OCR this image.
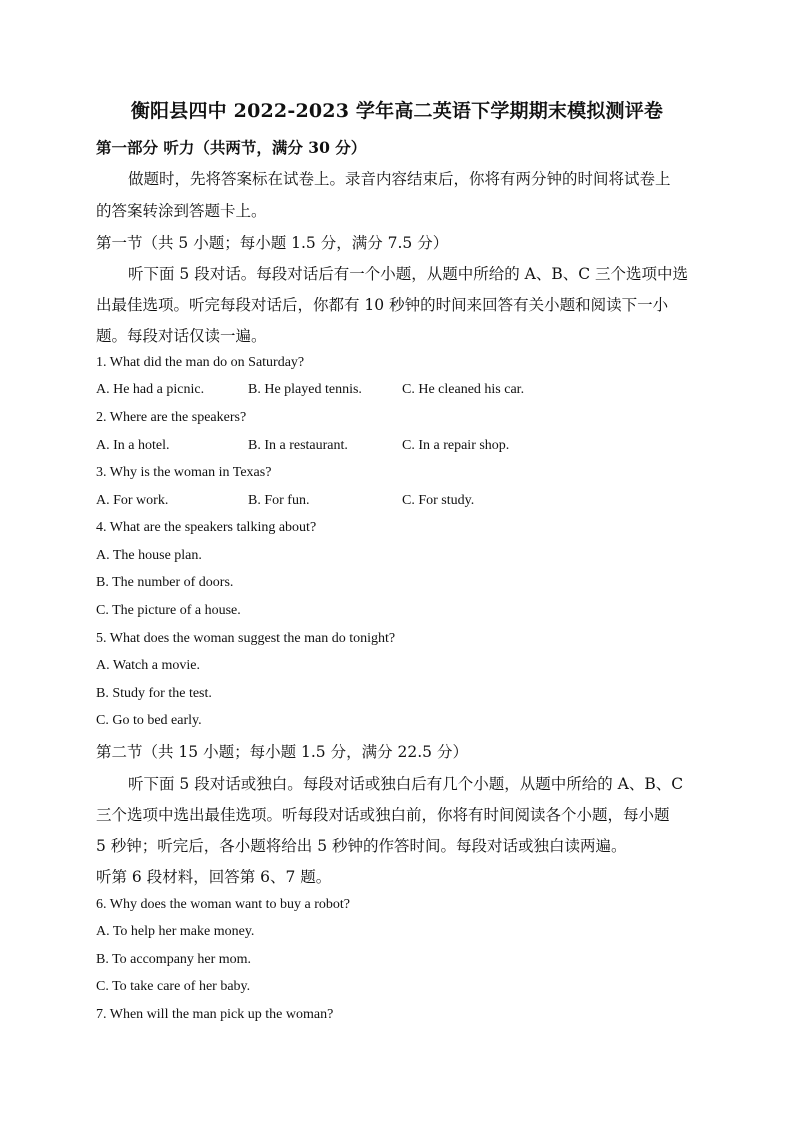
衡阳县四中 2022-2023 学年高二英语下学期期末模拟测评卷
第一部分 听力（共两节，满分 30 分）
做题时，先将答案标在试卷上。录音内容结束后，你将有两分钟的时间将试卷上
的答案转涂到答题卡上。
第一节（共 5 小题；每小题 1.5 分，满分 7.5 分）
听下面 5 段对话。每段对话后有一个小题，从题中所给的 A、B、C 三个选项中选
出最佳选项。听完每段对话后，你都有 10 秒钟的时间来回答有关小题和阅读下一小
题。每段对话仅读一遍。
1. What did the man do on Saturday?
A. He had a picnic.	B. He played tennis.	C. He cleaned his car.
2. Where are the speakers?
A. In a hotel.	B. In a restaurant.	C. In a repair shop.
3. Why is the woman in Texas?
A. For work.	B. For fun.	C. For study.
4. What are the speakers talking about?
A. The house plan.
B. The number of doors.
C. The picture of a house.
5. What does the woman suggest the man do tonight?
A. Watch a movie.
B. Study for the test.
C. Go to bed early.
第二节（共 15 小题；每小题 1.5 分，满分 22.5 分）
听下面 5 段对话或独白。每段对话或独白后有几个小题，从题中所给的 A、B、C
三个选项中选出最佳选项。听每段对话或独白前，你将有时间阅读各个小题，每小题
5 秒钟；听完后，各小题将给出 5 秒钟的作答时间。每段对话或独白读两遍。
听第 6 段材料，回答第 6、7 题。
6. Why does the woman want to buy a robot?
A. To help her make money.
B. To accompany her mom.
C. To take care of her baby.
7. When will the man pick up the woman?
